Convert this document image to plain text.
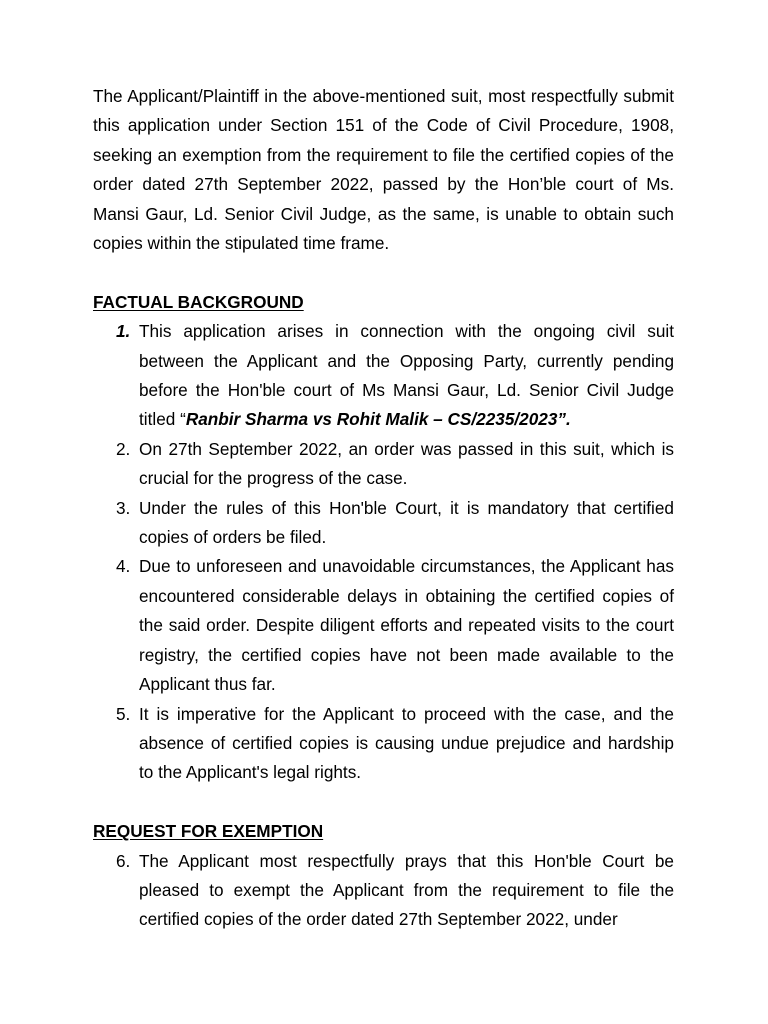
The Applicant/Plaintiff in the above-mentioned suit, most respectfully submit this application under Section 151 of the Code of Civil Procedure, 1908, seeking an exemption from the requirement to file the certified copies of the order dated 27th September 2022, passed by the Hon’ble court of Ms. Mansi Gaur, Ld. Senior Civil Judge, as the same, is unable to obtain such copies within the stipulated time frame.

FACTUAL BACKGROUND

1. This application arises in connection with the ongoing civil suit between the Applicant and the Opposing Party, currently pending before the Hon'ble court of Ms Mansi Gaur, Ld. Senior Civil Judge titled “Ranbir Sharma vs Rohit Malik – CS/2235/2023”.
2. On 27th September 2022, an order was passed in this suit, which is crucial for the progress of the case.
3. Under the rules of this Hon'ble Court, it is mandatory that certified copies of orders be filed.
4. Due to unforeseen and unavoidable circumstances, the Applicant has encountered considerable delays in obtaining the certified copies of the said order. Despite diligent efforts and repeated visits to the court registry, the certified copies have not been made available to the Applicant thus far.
5. It is imperative for the Applicant to proceed with the case, and the absence of certified copies is causing undue prejudice and hardship to the Applicant's legal rights.

REQUEST FOR EXEMPTION

6. The Applicant most respectfully prays that this Hon'ble Court be pleased to exempt the Applicant from the requirement to file the certified copies of the order dated 27th September 2022, under
